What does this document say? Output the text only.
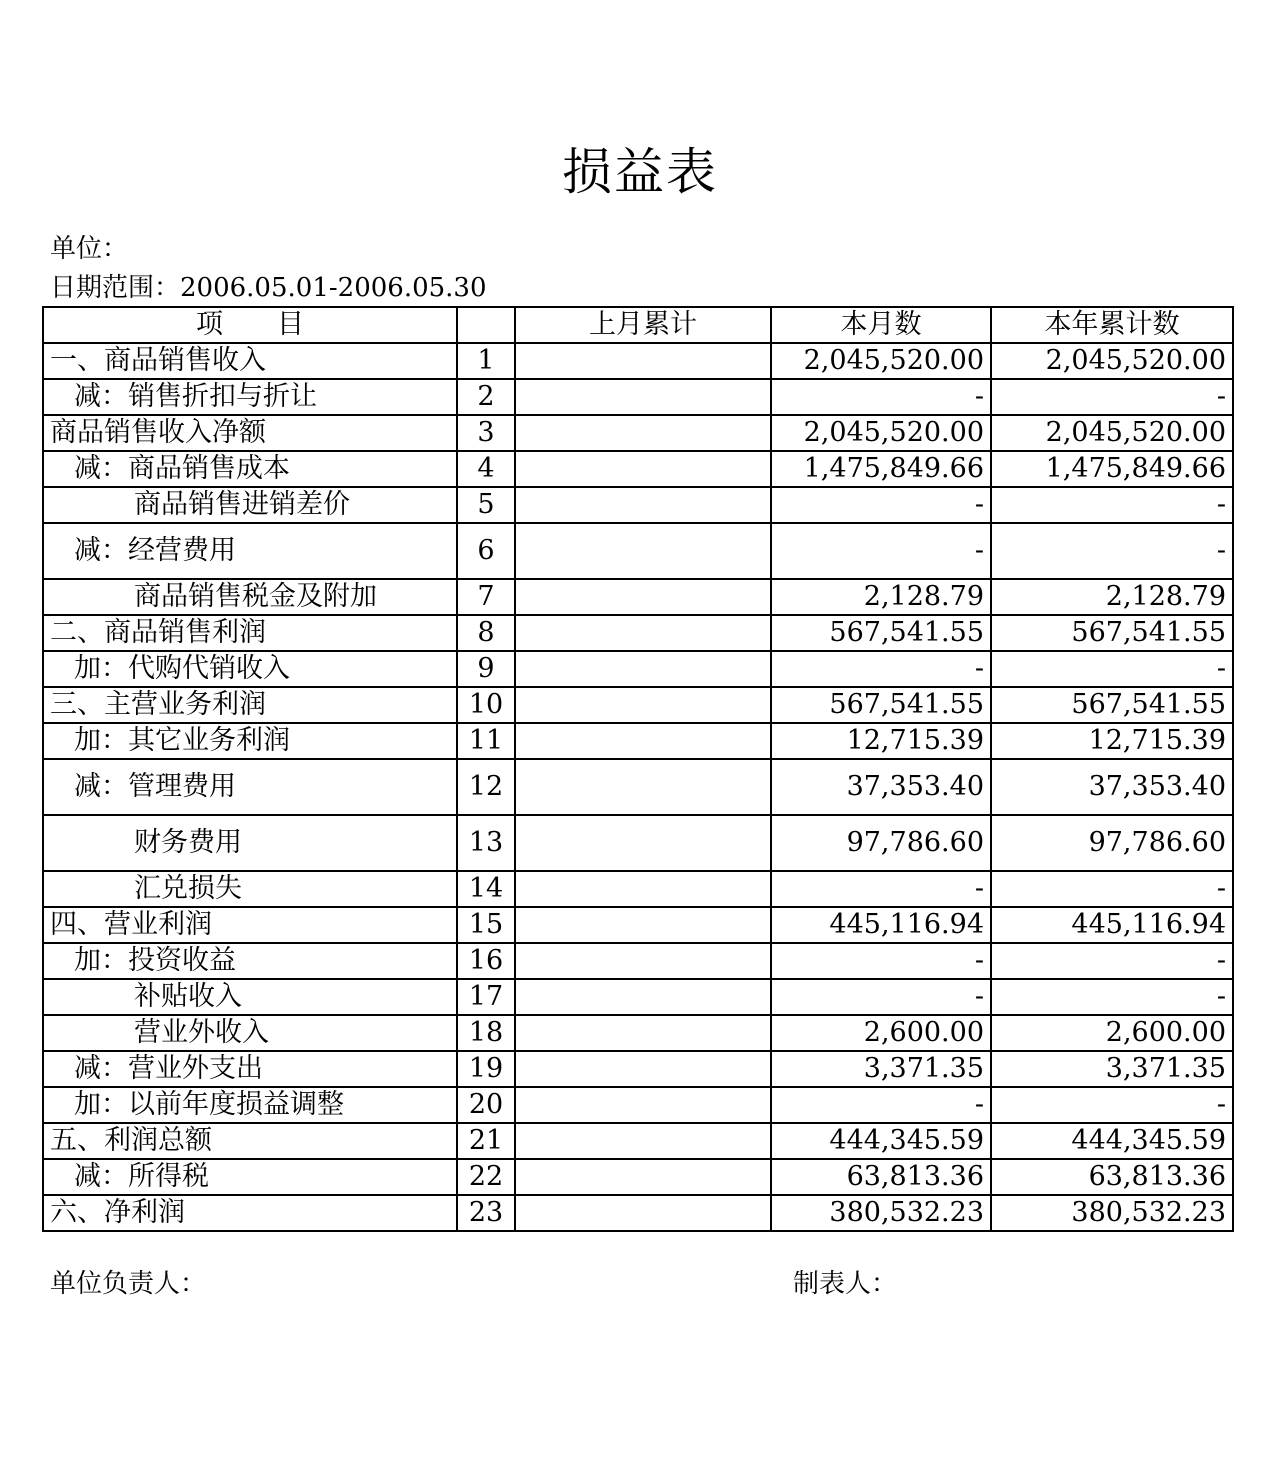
损益表
单位：
日期范围：2006.05.01-2006.05.30
项　　目		上月累计	本月数	本年累计数
一、商品销售收入	1		2,045,520.00	2,045,520.00
减：销售折扣与折让	2		-	-
商品销售收入净额	3		2,045,520.00	2,045,520.00
减：商品销售成本	4		1,475,849.66	1,475,849.66
商品销售进销差价	5		-	-
减：经营费用	6		-	-
商品销售税金及附加	7		2,128.79	2,128.79
二、商品销售利润	8		567,541.55	567,541.55
加：代购代销收入	9		-	-
三、主营业务利润	10		567,541.55	567,541.55
加：其它业务利润	11		12,715.39	12,715.39
减：管理费用	12		37,353.40	37,353.40
财务费用	13		97,786.60	97,786.60
汇兑损失	14		-	-
四、营业利润	15		445,116.94	445,116.94
加：投资收益	16		-	-
补贴收入	17		-	-
营业外收入	18		2,600.00	2,600.00
减：营业外支出	19		3,371.35	3,371.35
加：以前年度损益调整	20		-	-
五、利润总额	21		444,345.59	444,345.59
减：所得税	22		63,813.36	63,813.36
六、净利润	23		380,532.23	380,532.23
单位负责人：	制表人：
